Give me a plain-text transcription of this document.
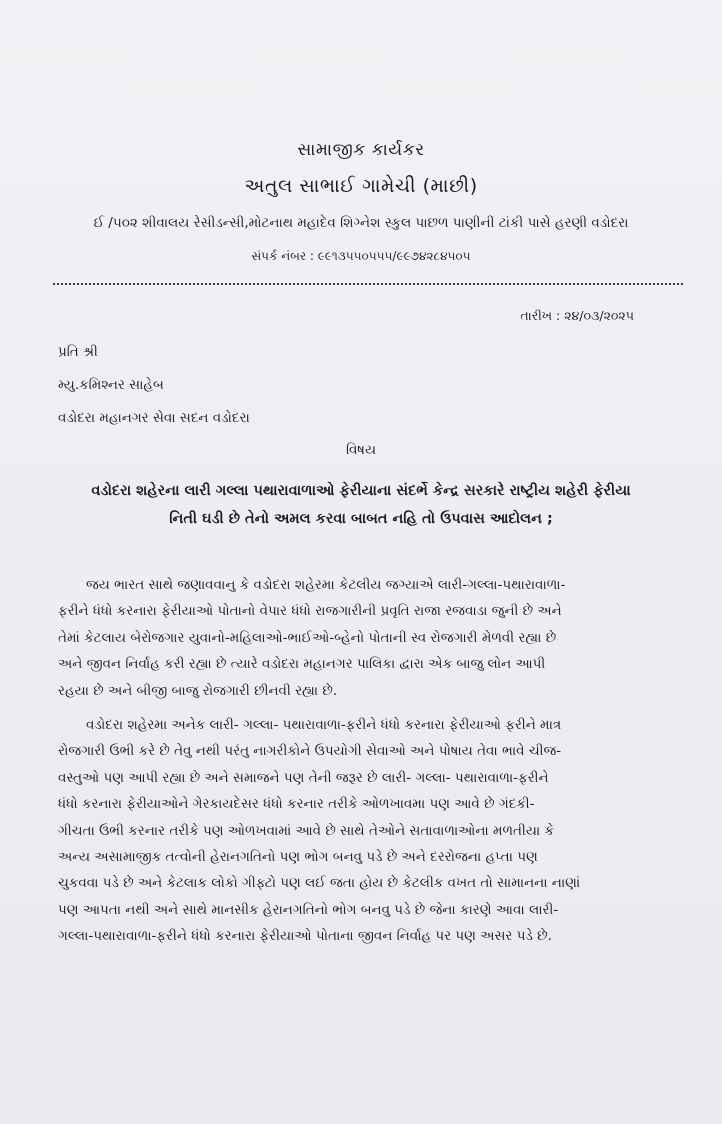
સામાજીક કાર્યકર
અતુલ સાભાઈ ગામેચી (માછી)
ઈ /૫૦૨ શીવાલય રેસીડન્સી,મોટનાથ મહાદેવ શિગ્નેશ સ્કુલ પાછળ પાણીની ટાંકી પાસે હરણી વડોદરા
સંપર્ક નંબર : ૯૯૧૩૫૫૦૫૫૫/૯૯૭૪૨૮૪૫૦૫
તારીખ : ૨૪/૦૩/૨૦૨૫
પ્રતિ શ્રી
મ્યુ.કમિશ્નર સાહેબ
વડોદરા મહાનગર સેવા સદન વડોદરા
વિષય
વડોદરા શહેરના લારી ગલ્લા પથારાવાળાઓ ફેરીયાના સંદર્ભે કેન્દ્ર સરકારે રાષ્ટ્રીય શહેરી ફેરીયા
નિતી ઘડી છે તેનો અમલ કરવા બાબત નહિ તો ઉપવાસ આદોલન ;
જય ભારત સાથે જણાવવાનુ કે વડોદરા શહેરમા કેટલીય જગ્યાએ લારી-ગલ્લા-પથારાવાળા-
ફરીને ધંધો કરનારા ફેરીયાઓ પોતાનો વેપાર ધંધો રાજગારીની પ્રવૃતિ રાજા રજવાડા જુની છે અને
તેમાં કેટલાય બેરોજગાર યુવાનો-મહિલાઓ-ભાઈઓ-બ્હેનો પોતાની સ્વ રોજગારી મેળવી રહ્યા છે
અને જીવન નિર્વાહ કરી રહ્યા છે ત્યારે વડોદરા મહાનગર પાલિકા દ્વારા એક બાજુ લોન આપી
રહયા છે અને બીજી બાજુ રોજગારી છીનવી રહ્યા છે.
વડોદરા શહેરમા અનેક લારી- ગલ્લા- પથારાવાળા-ફરીને ધંધો કરનારા ફેરીયાઓ ફરીને માત્ર
રોજગારી ઉભી કરે છે તેવુ નથી પરંતુ નાગરીકોને ઉપયોગી સેવાઓ અને પોષાય તેવા ભાવે ચીજ-
વસ્તુઓ પણ આપી રહ્યા છે અને સમાજને પણ તેની જરૂર છે લારી- ગલ્લા- પથારાવાળા-ફરીને
ધંધો કરનારા ફેરીયાઓને ગેરકાયદેસર ધંધો કરનાર તરીકે ઓળખાવમા પણ આવે છે ગંદકી-
ગીચતા ઉભી કરનાર તરીકે પણ ઓળખવામાં આવે છે સાથે તેઓને સતાવાળાઓના મળતીયા કે
અન્ય અસામાજીક તત્વોની હેરાનગતિનો પણ ભોગ બનવુ પડે છે અને દરરોજના હપ્તા પણ
ચુકવવા પડે છે અને કેટલાક લોકો ગીફ્ટો પણ લઈ જતા હોય છે કેટલીક વખત તો સામાનના નાણાં
પણ આપતા નથી અને સાથે માનસીક હેરાનગતિનો ભોગ બનવુ પડે છે જેના કારણે આવા લારી-
ગલ્લા-પથારાવાળા-ફરીને ધંધો કરનારા ફેરીયાઓ પોતાના જીવન નિર્વાહ પર પણ અસર પડે છે.
